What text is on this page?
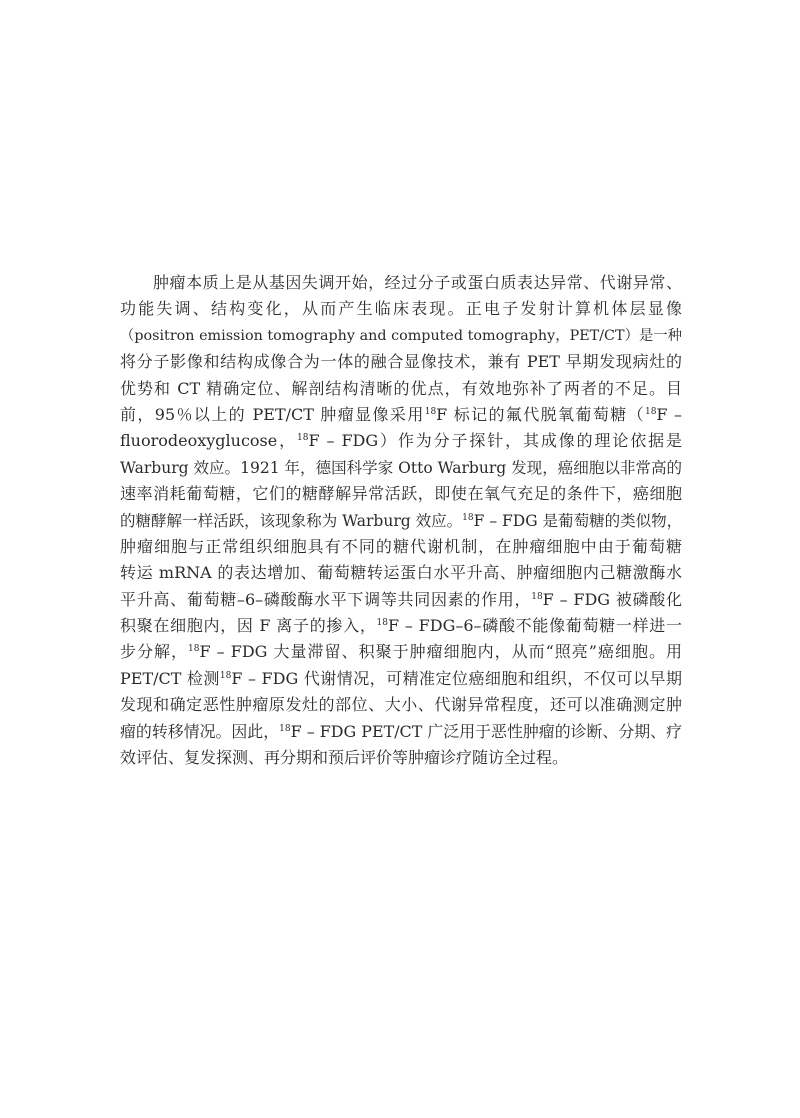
肿瘤本质上是从基因失调开始，经过分子或蛋白质表达异常、代谢异常、
功能失调、结构变化，从而产生临床表现。正电子发射计算机体层显像
（positron emission tomography and computed tomography，PET/CT）是一种
将分子影像和结构成像合为一体的融合显像技术，兼有 PET 早期发现病灶的
优势和 CT 精确定位、解剖结构清晰的优点，有效地弥补了两者的不足。目
前，95％以上的 PET/CT 肿瘤显像采用$^{18}$F 标记的氟代脱氧葡萄糖（$^{18}$F –
fluorodeoxyglucose，$^{18}$F – FDG）作为分子探针，其成像的理论依据是
Warburg 效应。1921 年，德国科学家 Otto Warburg 发现，癌细胞以非常高的
速率消耗葡萄糖，它们的糖酵解异常活跃，即使在氧气充足的条件下，癌细胞
的糖酵解一样活跃，该现象称为 Warburg 效应。$^{18}$F – FDG 是葡萄糖的类似物，
肿瘤细胞与正常组织细胞具有不同的糖代谢机制，在肿瘤细胞中由于葡萄糖
转运 mRNA 的表达增加、葡萄糖转运蛋白水平升高、肿瘤细胞内己糖激酶水
平升高、葡萄糖–6–磷酸酶水平下调等共同因素的作用，$^{18}$F – FDG 被磷酸化
积聚在细胞内，因 F 离子的掺入，$^{18}$F – FDG–6–磷酸不能像葡萄糖一样进一
步分解，$^{18}$F – FDG 大量滞留、积聚于肿瘤细胞内，从而“照亮”癌细胞。用
PET/CT 检测$^{18}$F – FDG 代谢情况，可精准定位癌细胞和组织，不仅可以早期
发现和确定恶性肿瘤原发灶的部位、大小、代谢异常程度，还可以准确测定肿
瘤的转移情况。因此，$^{18}$F – FDG PET/CT 广泛用于恶性肿瘤的诊断、分期、疗
效评估、复发探测、再分期和预后评价等肿瘤诊疗随访全过程。
